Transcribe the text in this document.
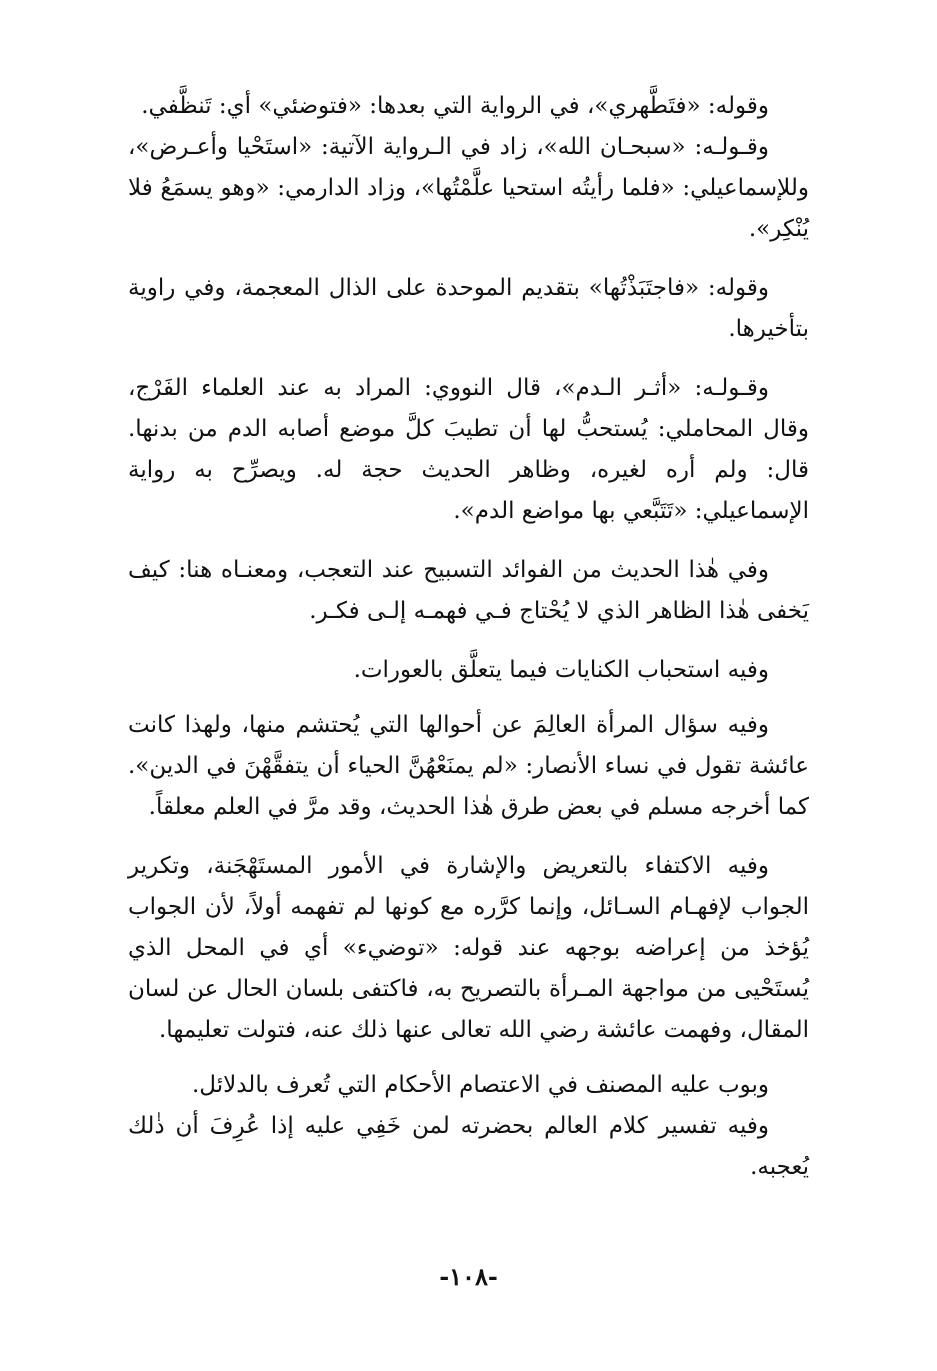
وقوله: «فتَطَّهري»، في الرواية التي بعدها: «فتوضئي» أي: تَنظَّفي.

وقـولـه: «سبحـان الله»، زاد في الـرواية الآتية: «استَحْيا وأعـرض»، وللإسماعيلي: «فلما رأيتُه استحيا علَّمْتُها»، وزاد الدارمي: «وهو يسمَعُ فلا يُنْكِر».

وقوله: «فاجتَبَذْتُها» بتقديم الموحدة على الذال المعجمة، وفي راوية بتأخيرها.

وقـولـه: «أثـر الـدم»، قال النووي: المراد به عند العلماء الفَرْج، وقال المحاملي: يُستحبُّ لها أن تطيبَ كلَّ موضع أصابه الدم من بدنها. قال: ولم أره لغيره، وظاهر الحديث حجة له. ويصرِّح به رواية الإسماعيلي: «تَتَبَّعي بها مواضع الدم».

وفي هٰذا الحديث من الفوائد التسبيح عند التعجب، ومعنـاه هنا: كيف يَخفى هٰذا الظاهر الذي لا يُحْتاج فـي فهمـه إلـى فكـر.

وفيه استحباب الكنايات فيما يتعلَّق بالعورات.

وفيه سؤال المرأة العالِمَ عن أحوالها التي يُحتشم منها، ولهذا كانت عائشة تقول في نساء الأنصار: «لم يمنَعْهُنَّ الحياء أن يتفقَّهْنَ في الدين». كما أخرجه مسلم في بعض طرق هٰذا الحديث، وقد مرَّ في العلم معلقاً.

وفيه الاكتفاء بالتعريض والإشارة في الأمور المستَهْجَنة، وتكرير الجواب لإفهـام السـائل، وإنما كرَّره مع كونها لم تفهمه أولاً، لأن الجواب يُؤخذ من إعراضه بوجهه عند قوله: «توضيء» أي في المحل الذي يُستَحْيى من مواجهة المـرأة بالتصريح به، فاكتفى بلسان الحال عن لسان المقال، وفهمت عائشة رضي الله تعالى عنها ذلك عنه، فتولت تعليمها.

وبوب عليه المصنف في الاعتصام الأحكام التي تُعرف بالدلائل.

وفيه تفسير كلام العالم بحضرته لمن خَفِي عليه إذا عُرِفَ أن ذٰلك يُعجبه.

-١٠٨-
